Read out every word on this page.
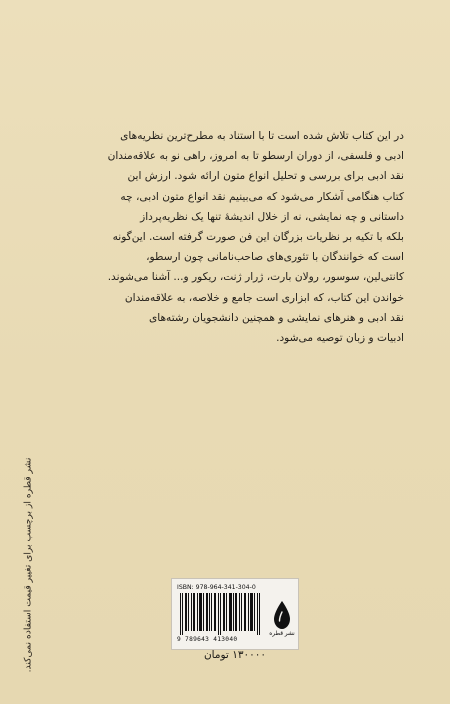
در این کتاب تلاش شده است تا با استناد به مطرح‌ترین نظریه‌های
ادبی و فلسفی، از دوران ارسطو تا به امروز، راهی نو به علاقه‌مندان
نقد ادبی برای بررسی و تحلیل انواع متون ارائه شود. ارزش این
کتاب هنگامی آشکار می‌شود که می‌بینیم نقد انواع متون ادبی، چه
داستانی و چه نمایشی، نه از خلال اندیشهٔ تنها یک نظریه‌پرداز
بلکه با تکیه بر نظریات بزرگان این فن صورت گرفته است. این‌گونه
است که خوانندگان با تئوری‌های صاحب‌نامانی چون ارسطو،
کانتی‌لین، سوسور، رولان بارت، ژرار ژنت، ریکور و... آشنا می‌شوند.
خواندن این کتاب، که ابزاری است جامع و خلاصه، به علاقه‌مندان
نقد ادبی و هنرهای نمایشی و همچنین دانشجویان رشته‌های
ادبیات و زبان توصیه می‌شود.
نشر قطره از برچسب برای تغییر قیمت استفاده نمی‌کند.	ISBN: 978-964-341-304-0
9 789643 413040
نشر قطره
۱۳۰۰۰۰ تومان
